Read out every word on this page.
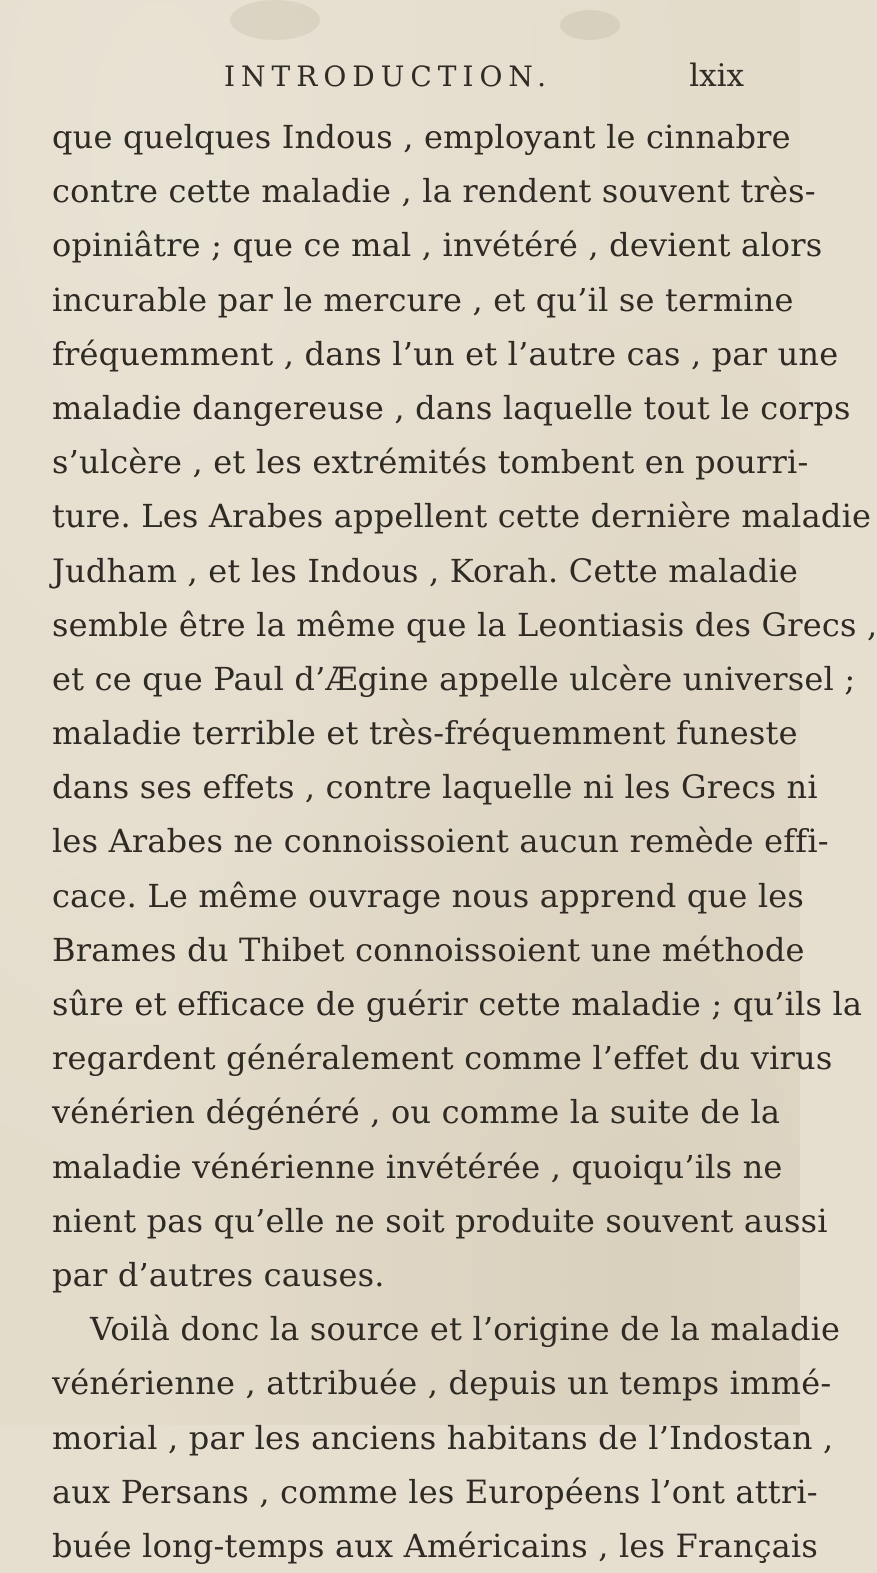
INTRODUCTION.	lxix
que quelques Indous , employant le cinnabre
contre cette maladie , la rendent souvent très-
opiniâtre ; que ce mal , invétéré , devient alors
incurable par le mercure , et qu’il se termine
fréquemment , dans l’un et l’autre cas , par une
maladie dangereuse , dans laquelle tout le corps
s’ulcère , et les extrémités tombent en pourri-
ture. Les Arabes appellent cette dernière maladie
Judham , et les Indous , Korah. Cette maladie
semble être la même que la Leontiasis des Grecs ,
et ce que Paul d’Ægine appelle ulcère universel ;
maladie terrible et très-fréquemment funeste
dans ses effets , contre laquelle ni les Grecs ni
les Arabes ne connoissoient aucun remède effi-
cace. Le même ouvrage nous apprend que les
Brames du Thibet connoissoient une méthode
sûre et efficace de guérir cette maladie ; qu’ils la
regardent généralement comme l’effet du virus
vénérien dégénéré , ou comme la suite de la
maladie vénérienne invétérée , quoiqu’ils ne
nient pas qu’elle ne soit produite souvent aussi
par d’autres causes.
Voilà donc la source et l’origine de la maladie
vénérienne , attribuée , depuis un temps immé-
morial , par les anciens habitans de l’Indostan ,
aux Persans , comme les Européens l’ont attri-
buée long-temps aux Américains , les Français
